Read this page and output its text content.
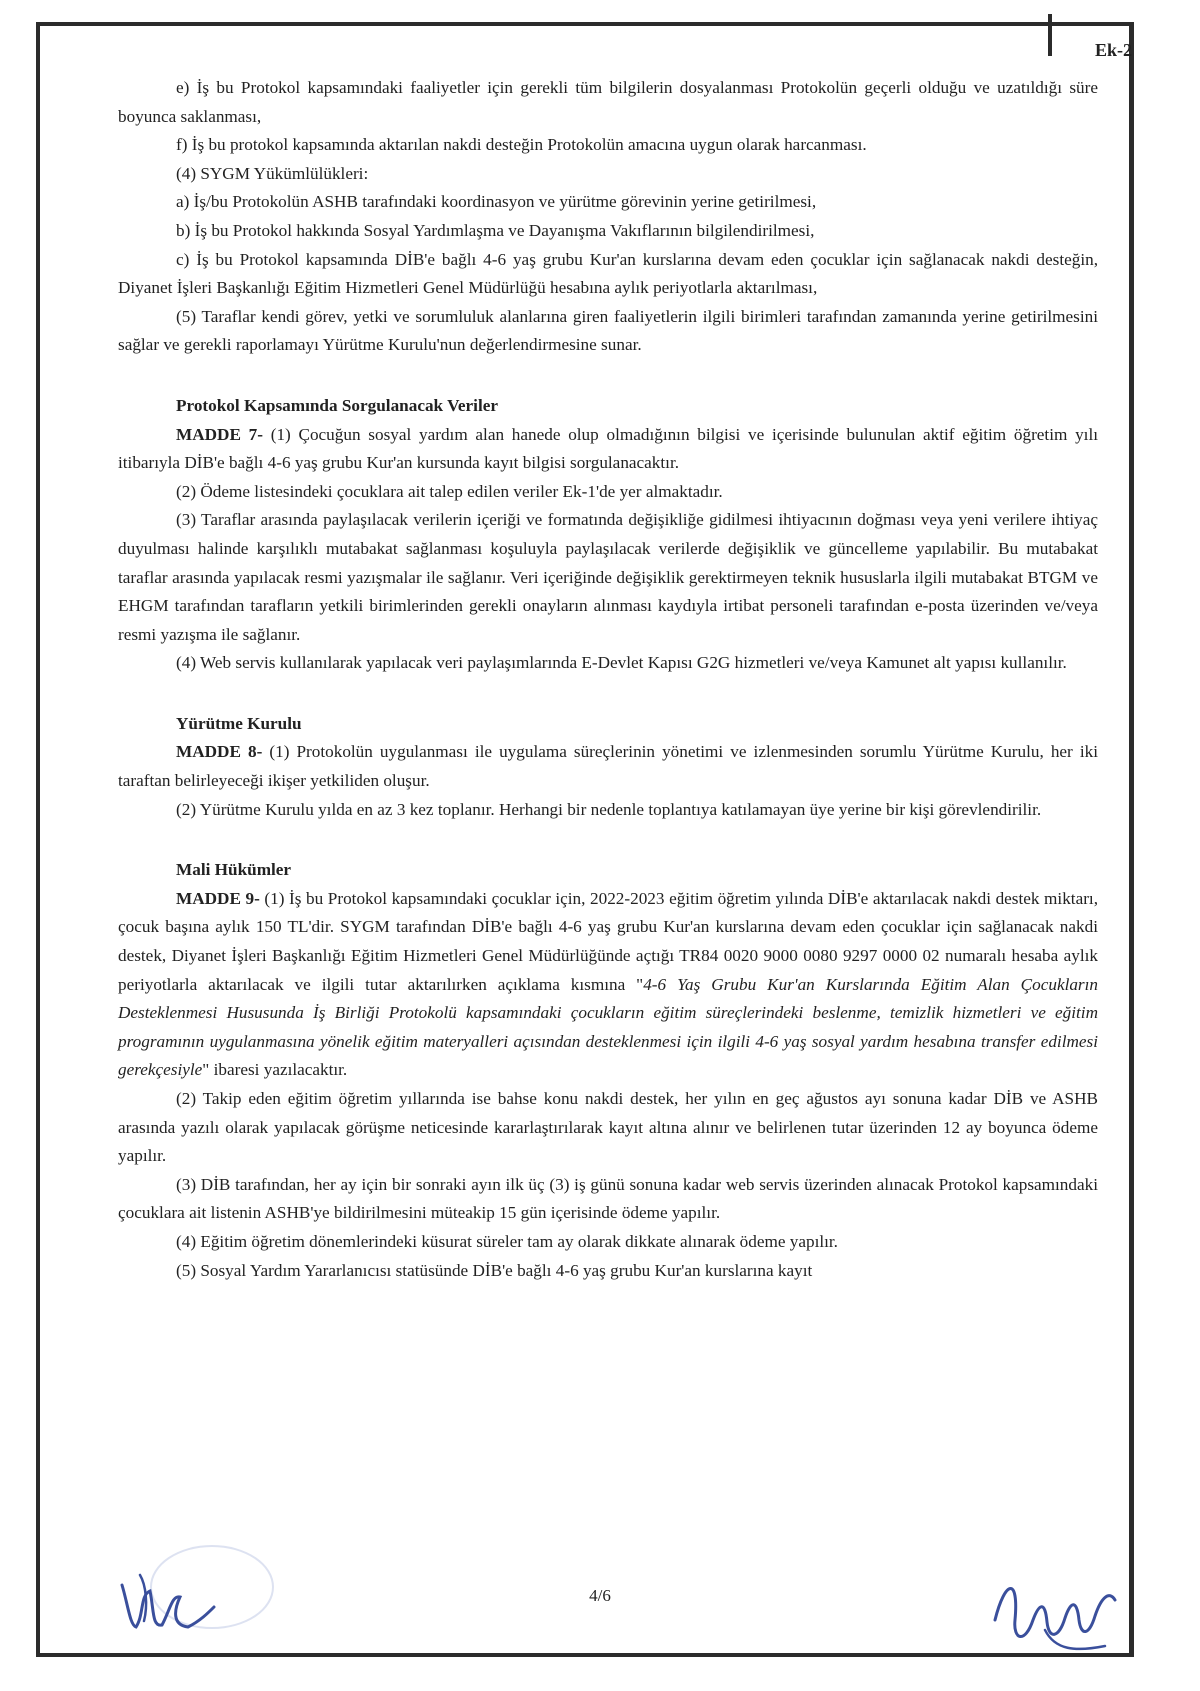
Ek-2

e) İş bu Protokol kapsamındaki faaliyetler için gerekli tüm bilgilerin dosyalanması Protokolün geçerli olduğu ve uzatıldığı süre boyunca saklanması,

f) İş bu protokol kapsamında aktarılan nakdi desteğin Protokolün amacına uygun olarak harcanması.

(4) SYGM Yükümlülükleri:

a) İş/bu Protokolün ASHB tarafındaki koordinasyon ve yürütme görevinin yerine getirilmesi,

b) İş bu Protokol hakkında Sosyal Yardımlaşma ve Dayanışma Vakıflarının bilgilendirilmesi,

c) İş bu Protokol kapsamında DİB'e bağlı 4-6 yaş grubu Kur'an kurslarına devam eden çocuklar için sağlanacak nakdi desteğin, Diyanet İşleri Başkanlığı Eğitim Hizmetleri Genel Müdürlüğü hesabına aylık periyotlarla aktarılması,

(5) Taraflar kendi görev, yetki ve sorumluluk alanlarına giren faaliyetlerin ilgili birimleri tarafından zamanında yerine getirilmesini sağlar ve gerekli raporlamayı Yürütme Kurulu'nun değerlendirmesine sunar.

Protokol Kapsamında Sorgulanacak Veriler

MADDE 7- (1) Çocuğun sosyal yardım alan hanede olup olmadığının bilgisi ve içerisinde bulunulan aktif eğitim öğretim yılı itibarıyla DİB'e bağlı 4-6 yaş grubu Kur'an kursunda kayıt bilgisi sorgulanacaktır.

(2) Ödeme listesindeki çocuklara ait talep edilen veriler Ek-1'de yer almaktadır.

(3) Taraflar arasında paylaşılacak verilerin içeriği ve formatında değişikliğe gidilmesi ihtiyacının doğması veya yeni verilere ihtiyaç duyulması halinde karşılıklı mutabakat sağlanması koşuluyla paylaşılacak verilerde değişiklik ve güncelleme yapılabilir. Bu mutabakat taraflar arasında yapılacak resmi yazışmalar ile sağlanır. Veri içeriğinde değişiklik gerektirmeyen teknik hususlarla ilgili mutabakat BTGM ve EHGM tarafından tarafların yetkili birimlerinden gerekli onayların alınması kaydıyla irtibat personeli tarafından e-posta üzerinden ve/veya resmi yazışma ile sağlanır.

(4) Web servis kullanılarak yapılacak veri paylaşımlarında E-Devlet Kapısı G2G hizmetleri ve/veya Kamunet alt yapısı kullanılır.

Yürütme Kurulu

MADDE 8- (1) Protokolün uygulanması ile uygulama süreçlerinin yönetimi ve izlenmesinden sorumlu Yürütme Kurulu, her iki taraftan belirleyeceği ikişer yetkiliden oluşur.

(2) Yürütme Kurulu yılda en az 3 kez toplanır. Herhangi bir nedenle toplantıya katılamayan üye yerine bir kişi görevlendirilir.

Mali Hükümler

MADDE 9- (1) İş bu Protokol kapsamındaki çocuklar için, 2022-2023 eğitim öğretim yılında DİB'e aktarılacak nakdi destek miktarı, çocuk başına aylık 150 TL'dir. SYGM tarafından DİB'e bağlı 4-6 yaş grubu Kur'an kurslarına devam eden çocuklar için sağlanacak nakdi destek, Diyanet İşleri Başkanlığı Eğitim Hizmetleri Genel Müdürlüğünde açtığı TR84 0020 9000 0080 9297 0000 02 numaralı hesaba aylık periyotlarla aktarılacak ve ilgili tutar aktarılırken açıklama kısmına "4-6 Yaş Grubu Kur'an Kurslarında Eğitim Alan Çocukların Desteklenmesi Hususunda İş Birliği Protokolü kapsamındaki çocukların eğitim süreçlerindeki beslenme, temizlik hizmetleri ve eğitim programının uygulanmasına yönelik eğitim materyalleri açısından desteklenmesi için ilgili 4-6 yaş sosyal yardım hesabına transfer edilmesi gerekçesiyle" ibaresi yazılacaktır.

(2) Takip eden eğitim öğretim yıllarında ise bahse konu nakdi destek, her yılın en geç ağustos ayı sonuna kadar DİB ve ASHB arasında yazılı olarak yapılacak görüşme neticesinde kararlaştırılarak kayıt altına alınır ve belirlenen tutar üzerinden 12 ay boyunca ödeme yapılır.

(3) DİB tarafından, her ay için bir sonraki ayın ilk üç (3) iş günü sonuna kadar web servis üzerinden alınacak Protokol kapsamındaki çocuklara ait listenin ASHB'ye bildirilmesini müteakip 15 gün içerisinde ödeme yapılır.

(4) Eğitim öğretim dönemlerindeki küsurat süreler tam ay olarak dikkate alınarak ödeme yapılır.

(5) Sosyal Yardım Yararlanıcısı statüsünde DİB'e bağlı 4-6 yaş grubu Kur'an kurslarına kayıt

4/6
